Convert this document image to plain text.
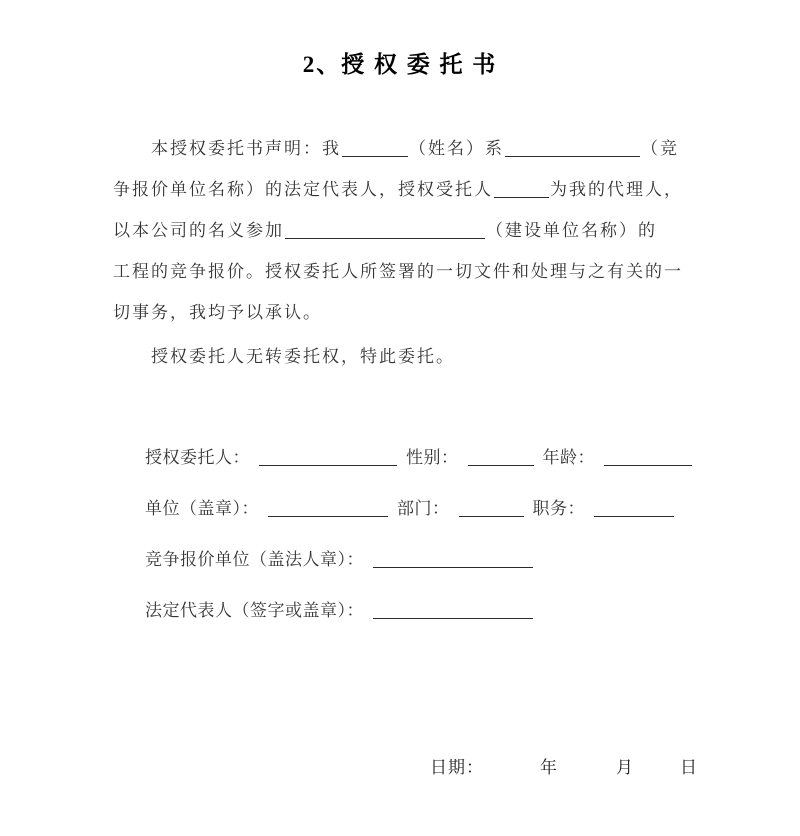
2、授 权 委 托 书
本授权委托书声明：我	（姓名）系	（竞
争报价单位名称）的法定代表人，授权受托人	为我的代理人，
以本公司的名义参加	（建设单位名称）的
工程的竞争报价。授权委托人所签署的一切文件和处理与之有关的一
切事务，我均予以承认。
授权委托人无转委托权，特此委托。
授权委托人：	性别：	年龄：
单位（盖章）：	部门：	职务：
竞争报价单位（盖法人章）：
法定代表人（签字或盖章）：
日期：	年	月	日
